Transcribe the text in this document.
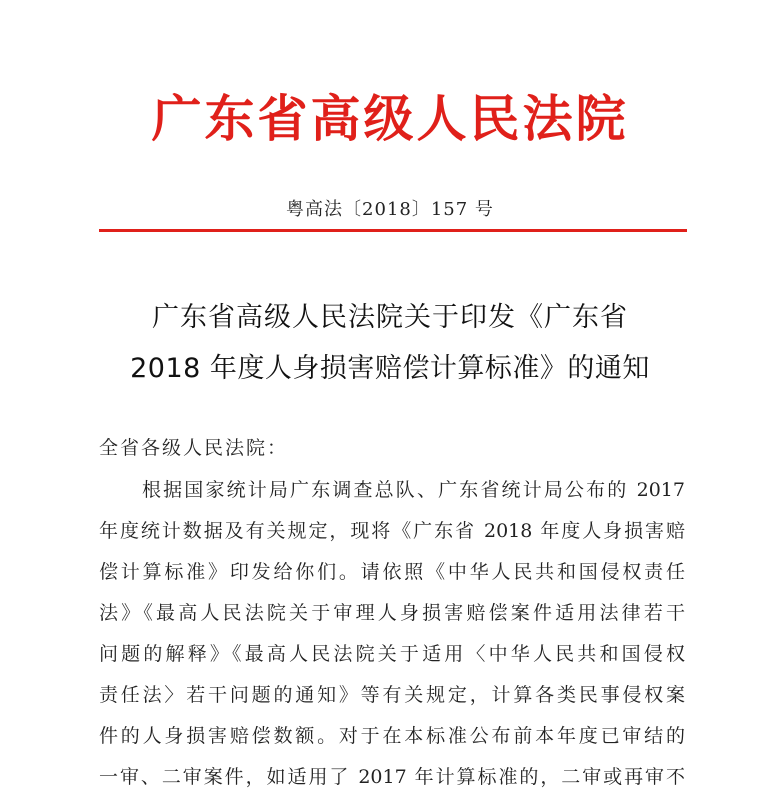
广东省高级人民法院
粤高法〔2018〕157 号
广东省高级人民法院关于印发《广东省
2018 年度人身损害赔偿计算标准》的通知
全省各级人民法院：
根据国家统计局广东调查总队、广东省统计局公布的 2017
年度统计数据及有关规定，现将《广东省 2018 年度人身损害赔
偿计算标准》印发给你们。请依照《中华人民共和国侵权责任
法》《最高人民法院关于审理人身损害赔偿案件适用法律若干
问题的解释》《最高人民法院关于适用〈中华人民共和国侵权
责任法〉若干问题的通知》等有关规定，计算各类民事侵权案
件的人身损害赔偿数额。对于在本标准公布前本年度已审结的
一审、二审案件，如适用了 2017 年计算标准的，二审或再审不
